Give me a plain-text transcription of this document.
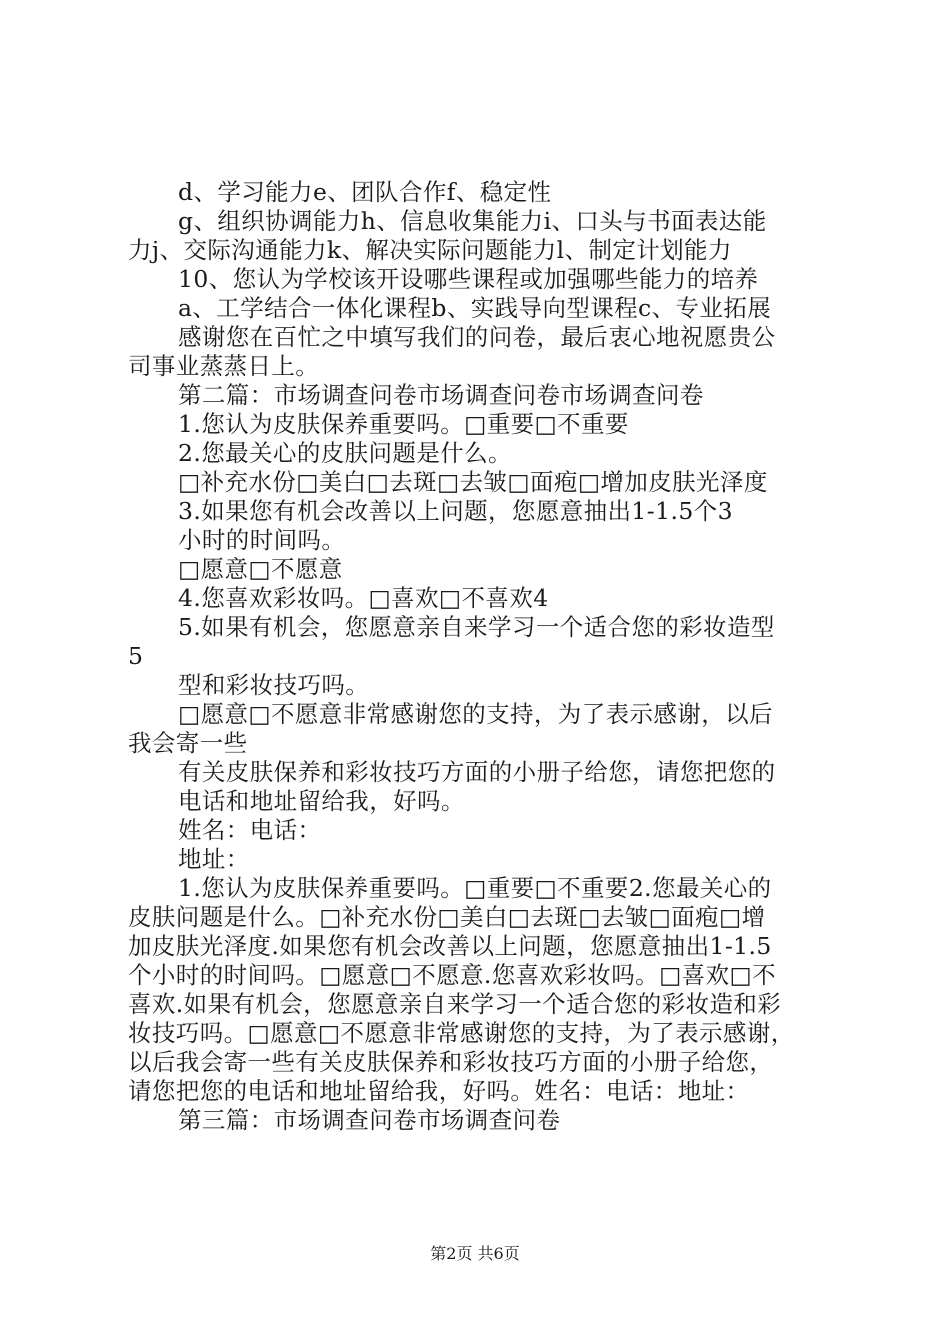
d、学习能力e、团队合作f、稳定性
g、组织协调能力h、信息收集能力i、口头与书面表达能
力j、交际沟通能力k、解决实际问题能力l、制定计划能力
10、您认为学校该开设哪些课程或加强哪些能力的培养
a、工学结合一体化课程b、实践导向型课程c、专业拓展
感谢您在百忙之中填写我们的问卷，最后衷心地祝愿贵公
司事业蒸蒸日上。
第二篇：市场调查问卷市场调查问卷市场调查问卷
1.您认为皮肤保养重要吗。□重要□不重要
2.您最关心的皮肤问题是什么。
□补充水份□美白□去斑□去皱□面疱□增加皮肤光泽度
3.如果您有机会改善以上问题，您愿意抽出1-1.5个3
小时的时间吗。
□愿意□不愿意
4.您喜欢彩妆吗。□喜欢□不喜欢4
5.如果有机会，您愿意亲自来学习一个适合您的彩妆造型
5
型和彩妆技巧吗。
□愿意□不愿意非常感谢您的支持，为了表示感谢，以后
我会寄一些
有关皮肤保养和彩妆技巧方面的小册子给您，请您把您的
电话和地址留给我，好吗。
姓名：电话：
地址：
1.您认为皮肤保养重要吗。□重要□不重要2.您最关心的
皮肤问题是什么。□补充水份□美白□去斑□去皱□面疱□增
加皮肤光泽度.如果您有机会改善以上问题，您愿意抽出1-1.5
个小时的时间吗。□愿意□不愿意.您喜欢彩妆吗。□喜欢□不
喜欢.如果有机会，您愿意亲自来学习一个适合您的彩妆造和彩
妆技巧吗。□愿意□不愿意非常感谢您的支持，为了表示感谢，
以后我会寄一些有关皮肤保养和彩妆技巧方面的小册子给您，
请您把您的电话和地址留给我，好吗。姓名：电话：地址：
第三篇：市场调查问卷市场调查问卷
第2页 共6页
